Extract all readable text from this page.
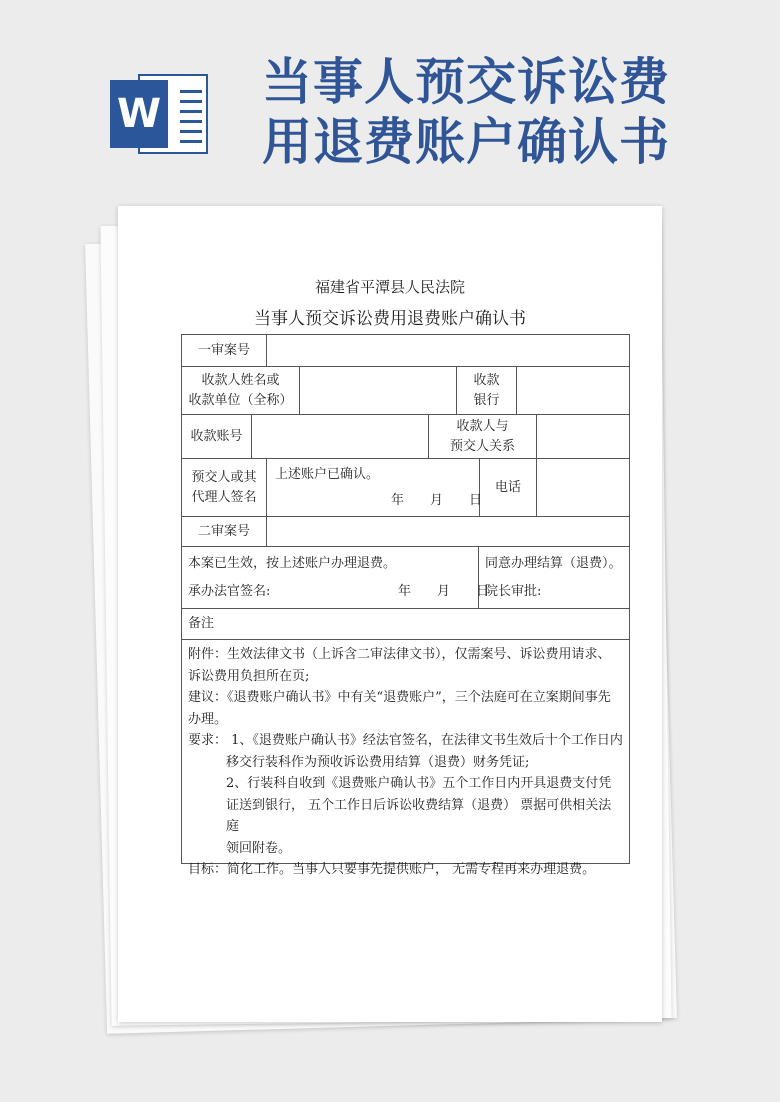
W
当事人预交诉讼费
用退费账户确认书
福建省平潭县人民法院
当事人预交诉讼费用退费账户确认书
一审案号
收款人姓名或
收款单位（全称）
收款
银行
收款账号
收款人与
预交人关系
预交人或其
代理人签名
上述账户已确认。
年　　月　　日
电话
二审案号
本案已生效，按上述账户办理退费。
承办法官签名:	年　　月　　日
同意办理结算（退费）。
院长审批:
备注

附件：生效法律文书（上诉含二审法律文书），仅需案号、诉讼费用请求、

诉讼费用负担所在页;

建议：《退费账户确认书》中有关“退费账户”，三个法庭可在立案期间事先

办理。

要求： 1、《退费账户确认书》经法官签名，在法律文书生效后十个工作日内

移交行装科作为预收诉讼费用结算（退费）财务凭证;

2、行装科自收到《退费账户确认书》五个工作日内开具退费支付凭

证送到银行， 五个工作日后诉讼收费结算（退费） 票据可供相关法庭

领回附卷。

目标：简化工作。当事人只要事先提供账户， 无需专程再来办理退费。
